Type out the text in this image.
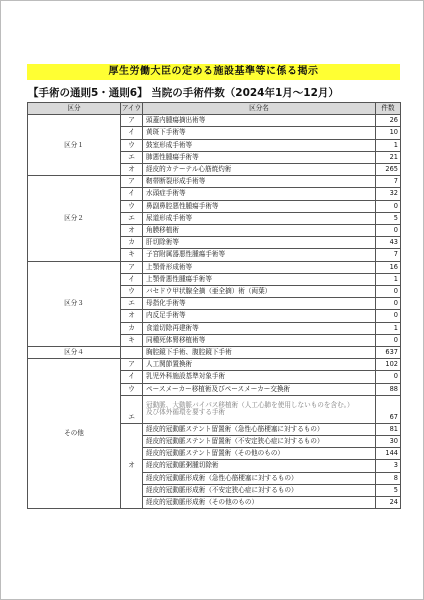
厚生労働大臣の定める施設基準等に係る掲示
【手術の通則5・通則6】 当院の手術件数（2024年1月～12月）
区分	アイウ	区分名	件数
区分１	ア	頭蓋内腫瘍摘出術等	26
	イ	黄斑下手術等	10
	ウ	鼓室形成手術等	1
	エ	肺悪性腫瘍手術等	21
	オ	経皮的カテーテル心筋焼灼術	265
区分２	ア	靭帯断裂形成手術等	7
	イ	水頭症手術等	32
	ウ	鼻副鼻腔悪性腫瘍手術等	0
	エ	尿道形成手術等	5
	オ	角膜移植術	0
	カ	肝切除術等	43
	キ	子宮附属器悪性腫瘍手術等	7
区分３	ア	上顎骨形成術等	16
	イ	上顎骨悪性腫瘍手術等	1
	ウ	バセドウ甲状腺全摘（亜全摘）術（両葉）	0
	エ	母指化手術等	0
	オ	内反足手術等	0
	カ	食道切除再建術等	1
	キ	同種死体腎移植術等	0
区分４		胸腔鏡下手術、腹腔鏡下手術	637
その他	ア	人工関節置換術	102
	イ	乳児外科施設基準対象手術	0
	ウ	ペースメーカー移植術及びペースメーカー交換術	88
	エ	冠動脈、大動脈バイパス移植術（人工心肺を使用しないものを含む。）
及び体外循環を要する手術	67
	オ	経皮的冠動脈ステント留置術（急性心筋梗塞に対するもの）	81
		経皮的冠動脈ステント留置術（不安定狭心症に対するもの）	30
		経皮的冠動脈ステント留置術（その他のもの）	144
		経皮的冠動脈粥腫切除術	3
		経皮的冠動脈形成術（急性心筋梗塞に対するもの）	8
		経皮的冠動脈形成術（不安定狭心症に対するもの）	5
		経皮的冠動脈形成術（その他のもの）	24
